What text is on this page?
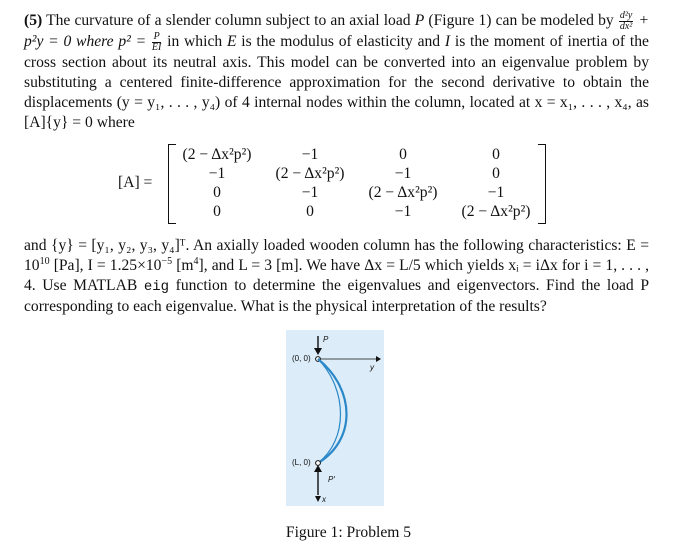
(5) The curvature of a slender column subject to an axial load P (Figure 1) can be modeled by $\frac{\text{d²y}}{\text{dx²}} + p^2y = 0$ where $p^2 = \frac{P}{EI}$ in which E is the modulus of elasticity and I is the moment of inertia of the cross section about its neutral axis. This model can be converted into an eigenvalue problem by substituting a centered finite-difference approximation for the second derivative to obtain the displacements (y = y₁, . . . , y₄) of 4 internal nodes within the column, located at x = x₁, . . . , x₄, as [A]{y} = 0 where
[A] =
(2 − Δx²p²)	−1	0	0
−1	(2 − Δx²p²)	−1	0
0	−1	(2 − Δx²p²)	−1
0	0	−1	(2 − Δx²p²)
and {y} = [y₁, y₂, y₃, y₄]ᵀ. An axially loaded wooden column has the following characteristics: $E = 10^{10}$ [Pa], $I = 1.25\times 10^{-5}$ $[m^4]$, and L = 3 [m]. We have Δx = L/5 which yields xᵢ = iΔx for i = 1, . . . , 4. Use MATLAB eig function to determine the eigenvalues and eigenvectors. Find the load P corresponding to each eigenvalue. What is the physical interpretation of the results?
(0, 0)
(L, 0)
P
P′
y
x
Figure 1: Problem 5
